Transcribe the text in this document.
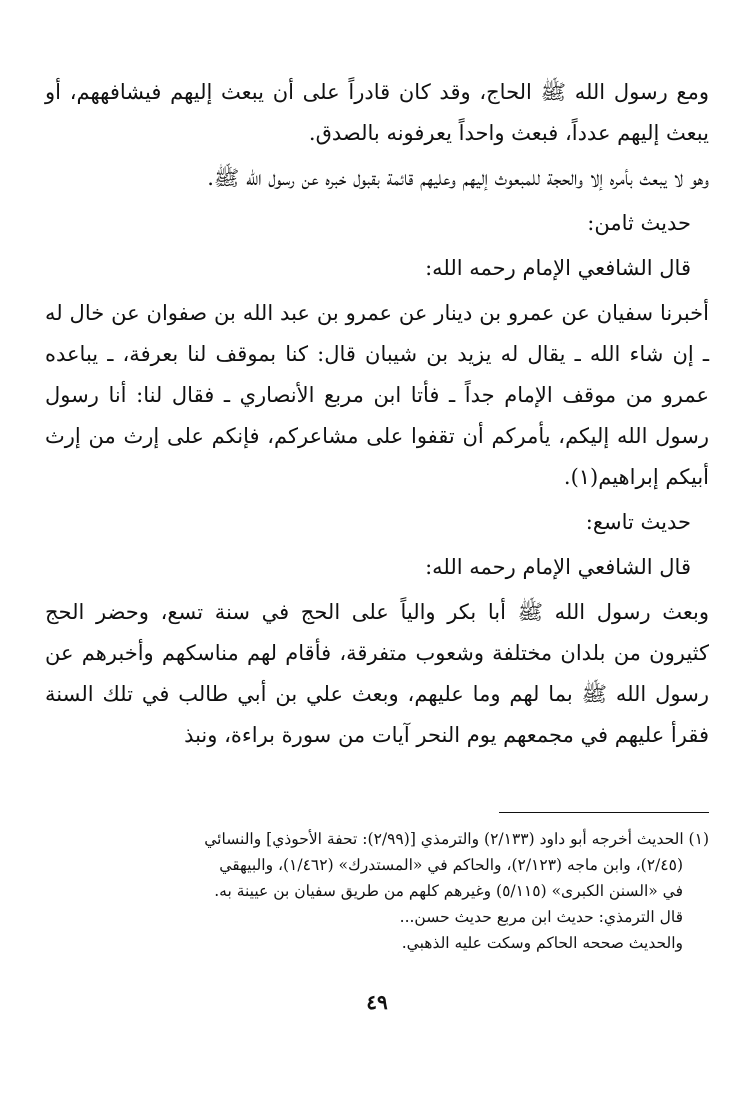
ومع رسول الله ﷺ الحاج، وقد كان قادراً على أن يبعث إليهم فيشافههم، أو يبعث إليهم عدداً، فبعث واحداً يعرفونه بالصدق.

وهو لا يبعث بأمره إلا والحجة للمبعوث إليهم وعليهم قائمة بقبول خبره عن رسول الله ﷺ.

حديث ثامن:

قال الشافعي الإمام رحمه الله:

أخبرنا سفيان عن عمرو بن دينار عن عمرو بن عبد الله بن صفوان عن خال له ـ إن شاء الله ـ يقال له يزيد بن شيبان قال: كنا بموقف لنا بعرفة، ـ يباعده عمرو من موقف الإمام جداً ـ فأتا ابن مربع الأنصاري ـ فقال لنا: أنا رسول رسول الله إليكم، يأمركم أن تقفوا على مشاعركم، فإنكم على إرث من إرث أبيكم إبراهيم(١).

حديث تاسع:

قال الشافعي الإمام رحمه الله:

وبعث رسول الله ﷺ أبا بكر والياً على الحج في سنة تسع، وحضر الحج كثيرون من بلدان مختلفة وشعوب متفرقة، فأقام لهم مناسكهم وأخبرهم عن رسول الله ﷺ بما لهم وما عليهم، وبعث علي بن أبي طالب في تلك السنة فقرأ عليهم في مجمعهم يوم النحر آيات من سورة براءة، ونبذ

(١) الحديث أخرجه أبو داود (٢/١٣٣) والترمذي [(٢/٩٩): تحفة الأحوذي] والنسائي

(٢/٤٥)، وابن ماجه (٢/١٢٣)، والحاكم في «المستدرك» (١/٤٦٢)، والبيهقي

في «السنن الكبرى» (٥/١١٥) وغيرهم كلهم من طريق سفيان بن عيينة به.

قال الترمذي: حديث ابن مربع حديث حسن...

والحديث صححه الحاكم وسكت عليه الذهبي.

٤٩
